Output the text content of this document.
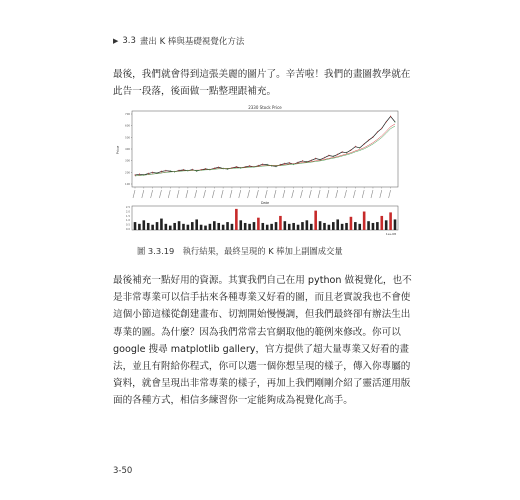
▶ 3.3 畫出 K 棒與基礎視覺化方法
最後，我們就會得到這張美麗的圖片了。辛苦啦！我們的畫圖教學就在此告一段落，後面做一點整理跟補充。
2330 Stock Price
Price
Date
700
600
500
400
300
200
100
2.5
2.0
1.5
1.0
0.5
0.0
1e+08
圖 3.3.19　執行結果，最終呈現的 K 棒加上副圖成交量
最後補充一點好用的資源。其實我們自己在用 python 做視覺化，也不是非常專業可以信手拈來各種專業又好看的圖，而且老實說我也不會使這個小節這樣從創建畫布、切割開始慢慢調，但我們最終卻有辦法生出專業的圖。為什麼？因為我們常常去官網取他的範例來修改。你可以 google 搜尋 matplotlib gallery，官方提供了超大量專業又好看的畫法，並且有附給你程式，你可以選一個你想呈現的樣子，傳入你專屬的資料，就會呈現出非常專業的樣子，再加上我們剛剛介紹了靈活運用版面的各種方式，相信多練習你一定能夠成為視覺化高手。
3-50
